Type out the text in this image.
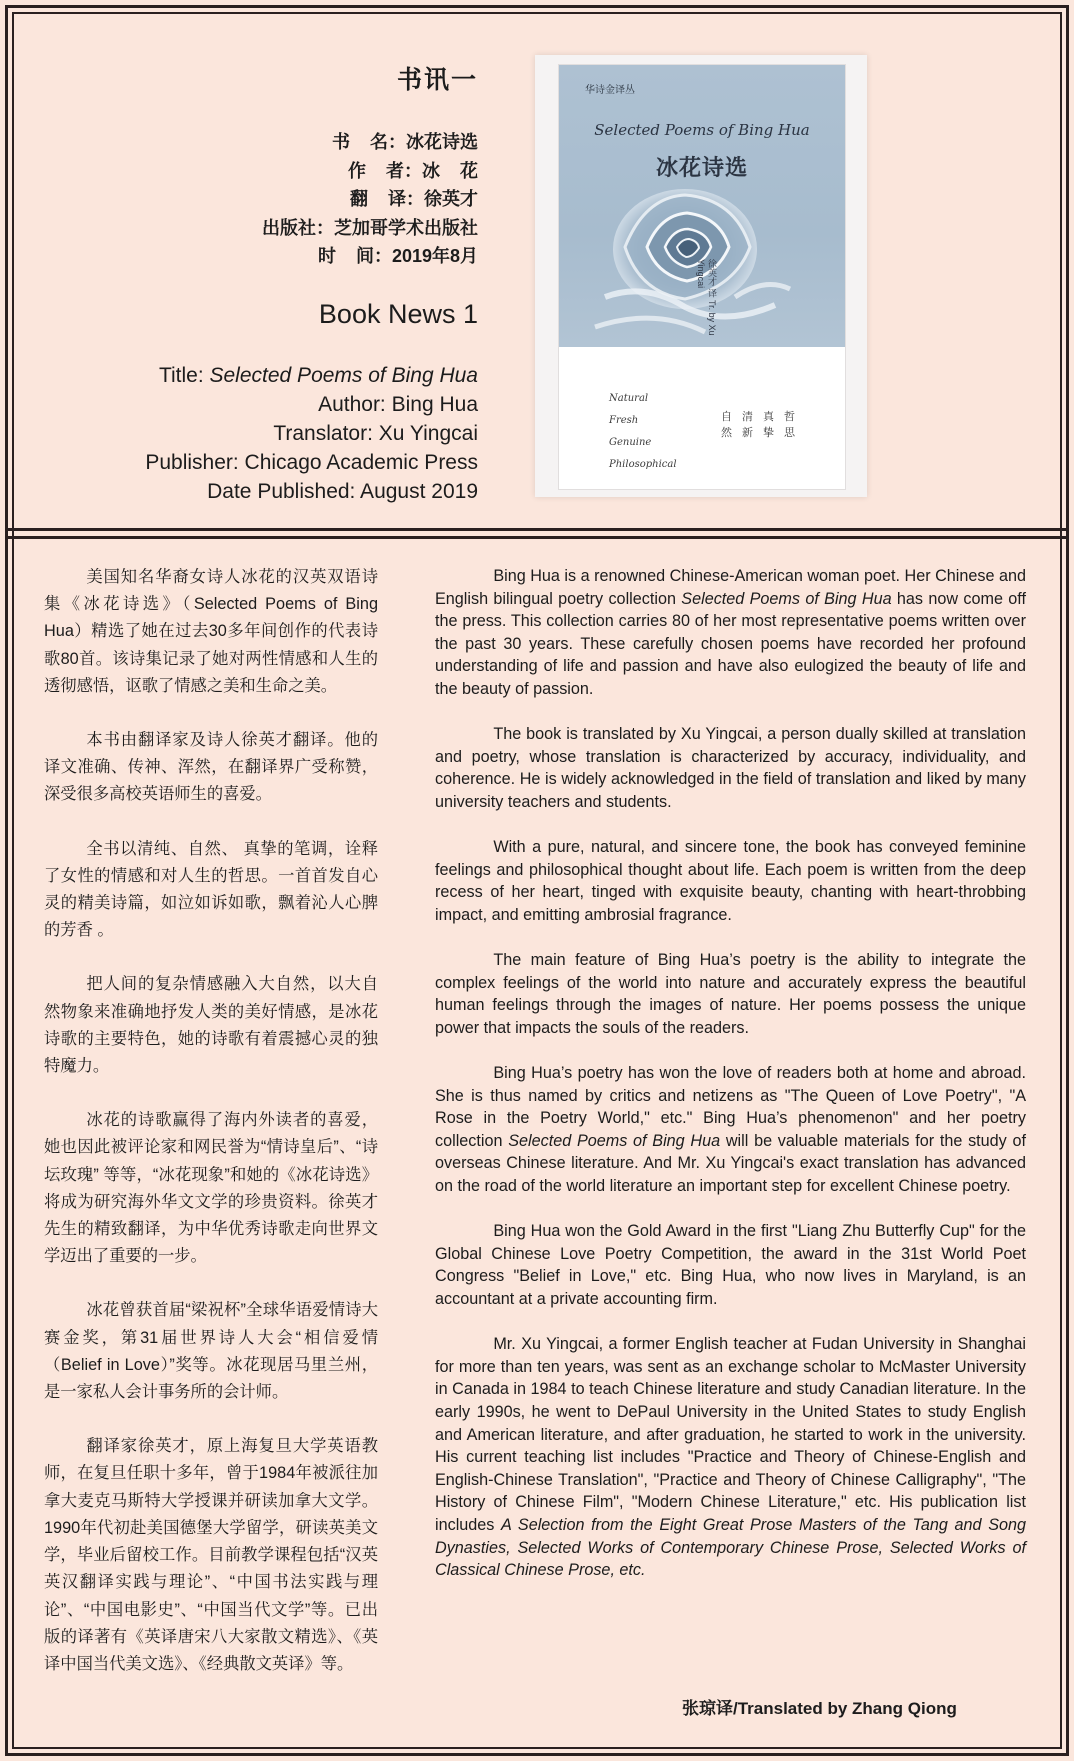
书讯一
书    名：冰花诗选
作    者：冰    花
翻    译：徐英才
出版社：芝加哥学术出版社
时    间：2019年8月
Book News 1
Title: Selected Poems of Bing Hua
Author: Bing Hua
Translator: Xu Yingcai
Publisher: Chicago Academic Press
Date Published: August 2019
华诗金译丛
Selected Poems of Bing Hua
冰花诗选
徐英才 译 Tr. by Xu Yingcai
Natural
Fresh
Genuine
Philosophical
自清真哲
然新挚思
美国知名华裔女诗人冰花的汉英双语诗集《冰花诗选》（Selected Poems of Bing Hua）精选了她在过去30多年间创作的代表诗歌80首。该诗集记录了她对两性情感和人生的透彻感悟，讴歌了情感之美和生命之美。
本书由翻译家及诗人徐英才翻译。他的译文准确、传神、浑然，在翻译界广受称赞，深受很多高校英语师生的喜爱。
全书以清纯、自然、 真挚的笔调，诠释了女性的情感和对人生的哲思。一首首发自心灵的精美诗篇，如泣如诉如歌，飘着沁人心脾的芳香 。
把人间的复杂情感融入大自然，以大自然物象来准确地抒发人类的美好情感，是冰花诗歌的主要特色，她的诗歌有着震撼心灵的独特魔力。
冰花的诗歌赢得了海内外读者的喜爱，她也因此被评论家和网民誉为“情诗皇后”、“诗坛玫瑰” 等等，“冰花现象”和她的《冰花诗选》将成为研究海外华文文学的珍贵资料。徐英才先生的精致翻译，为中华优秀诗歌走向世界文学迈出了重要的一步。
冰花曾获首届“梁祝杯”全球华语爱情诗大赛金奖，第31届世界诗人大会“相信爱情（Belief in Love）”奖等。冰花现居马里兰州，是一家私人会计事务所的会计师。
翻译家徐英才，原上海复旦大学英语教师，在复旦任职十多年，曾于1984年被派往加拿大麦克马斯特大学授课并研读加拿大文学。1990年代初赴美国德堡大学留学，研读英美文学，毕业后留校工作。目前教学课程包括“汉英英汉翻译实践与理论”、“中国书法实践与理论”、“中国电影史”、“中国当代文学”等。已出版的译著有《英译唐宋八大家散文精选》、《英译中国当代美文选》、《经典散文英译》等。
Bing Hua is a renowned Chinese-American woman poet. Her Chinese and English bilingual poetry collection Selected Poems of Bing Hua has now come off the press. This collection carries 80 of her most representative poems written over the past 30 years. These carefully chosen poems have recorded her profound understanding of life and passion and have also eulogized the beauty of life and the beauty of passion.
The book is translated by Xu Yingcai, a person dually skilled at translation and poetry, whose translation is characterized by accuracy, individuality, and coherence. He is widely acknowledged in the field of translation and liked by many university teachers and students.
With a pure, natural, and sincere tone, the book has conveyed feminine feelings and philosophical thought about life. Each poem is written from the deep recess of her heart, tinged with exquisite beauty, chanting with heart-throbbing impact, and emitting ambrosial fragrance.
The main feature of Bing Hua’s poetry is the ability to integrate the complex feelings of the world into nature and accurately express the beautiful human feelings through the images of nature. Her poems possess the unique power that impacts the souls of the readers.
Bing Hua’s poetry has won the love of readers both at home and abroad. She is thus named by critics and netizens as "The Queen of Love Poetry", "A Rose in the Poetry World," etc." Bing Hua’s phenomenon" and her poetry collection Selected Poems of Bing Hua will be valuable materials for the study of overseas Chinese literature. And Mr. Xu Yingcai's exact translation has advanced on the road of the world literature an important step for excellent Chinese poetry.
Bing Hua won the Gold Award in the first "Liang Zhu Butterfly Cup" for the Global Chinese Love Poetry Competition, the award in the 31st World Poet Congress "Belief in Love," etc. Bing Hua, who now lives in Maryland, is an accountant at a private accounting firm.
Mr. Xu Yingcai, a former English teacher at Fudan University in Shanghai for more than ten years, was sent as an exchange scholar to McMaster University in Canada in 1984 to teach Chinese literature and study Canadian literature. In the early 1990s, he went to DePaul University in the United States to study English and American literature, and after graduation, he started to work in the university. His current teaching list includes "Practice and Theory of Chinese-English and English-Chinese Translation", "Practice and Theory of Chinese Calligraphy", "The History of Chinese Film", "Modern Chinese Literature," etc. His publication list includes A Selection from the Eight Great Prose Masters of the Tang and Song Dynasties, Selected Works of Contemporary Chinese Prose, Selected Works of Classical Chinese Prose, etc.
张琼译/Translated by Zhang Qiong
